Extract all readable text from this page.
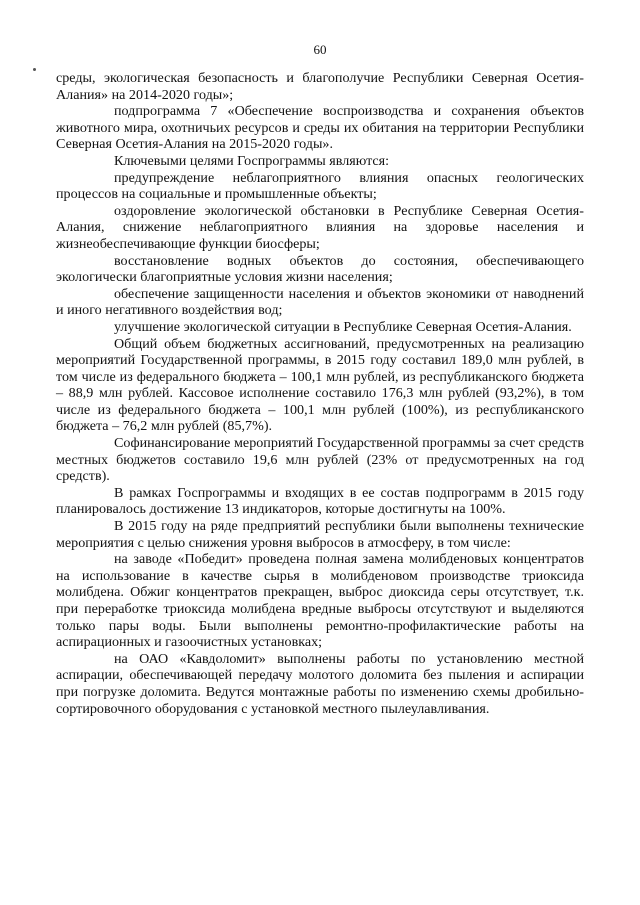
60

среды, экологическая безопасность и благополучие Республики Северная Осетия-Алания» на 2014-2020 годы»;

подпрограмма 7 «Обеспечение воспроизводства и сохранения объектов животного мира, охотничьих ресурсов и среды их обитания на территории Республики Северная Осетия-Алания на 2015-2020 годы».

Ключевыми целями Госпрограммы являются:

предупреждение неблагоприятного влияния опасных геологических процессов на социальные и промышленные объекты;

оздоровление экологической обстановки в Республике Северная Осетия-Алания, снижение неблагоприятного влияния на здоровье населения и жизнеобеспечивающие функции биосферы;

восстановление водных объектов до состояния, обеспечивающего экологически благоприятные условия жизни населения;

обеспечение защищенности населения и объектов экономики от наводнений и иного негативного воздействия вод;

улучшение экологической ситуации в Республике Северная Осетия-Алания.

Общий объем бюджетных ассигнований, предусмотренных на реализацию мероприятий Государственной программы, в 2015 году составил 189,0 млн рублей, в том числе из федерального бюджета – 100,1 млн рублей, из республиканского бюджета – 88,9 млн рублей. Кассовое исполнение составило 176,3 млн рублей (93,2%), в том числе из федерального бюджета – 100,1 млн рублей (100%), из республиканского бюджета – 76,2 млн рублей (85,7%).

Софинансирование мероприятий Государственной программы за счет средств местных бюджетов составило 19,6 млн рублей (23% от предусмотренных на год средств).

В рамках Госпрограммы и входящих в ее состав подпрограмм в 2015 году планировалось достижение 13 индикаторов, которые достигнуты на 100%.

В 2015 году на ряде предприятий республики были выполнены технические мероприятия с целью снижения уровня выбросов в атмосферу, в том числе:

на заводе «Победит» проведена полная замена молибденовых концентратов на использование в качестве сырья в молибденовом производстве триоксида молибдена. Обжиг концентратов прекращен, выброс диоксида серы отсутствует, т.к. при переработке триоксида молибдена вредные выбросы отсутствуют и выделяются только пары воды. Были выполнены ремонтно-профилактические работы на аспирационных и газоочистных установках;

на ОАО «Кавдоломит» выполнены работы по установлению местной аспирации, обеспечивающей передачу молотого доломита без пыления и аспирации при погрузке доломита. Ведутся монтажные работы по изменению схемы дробильно-сортировочного оборудования с установкой местного пылеулавливания.
